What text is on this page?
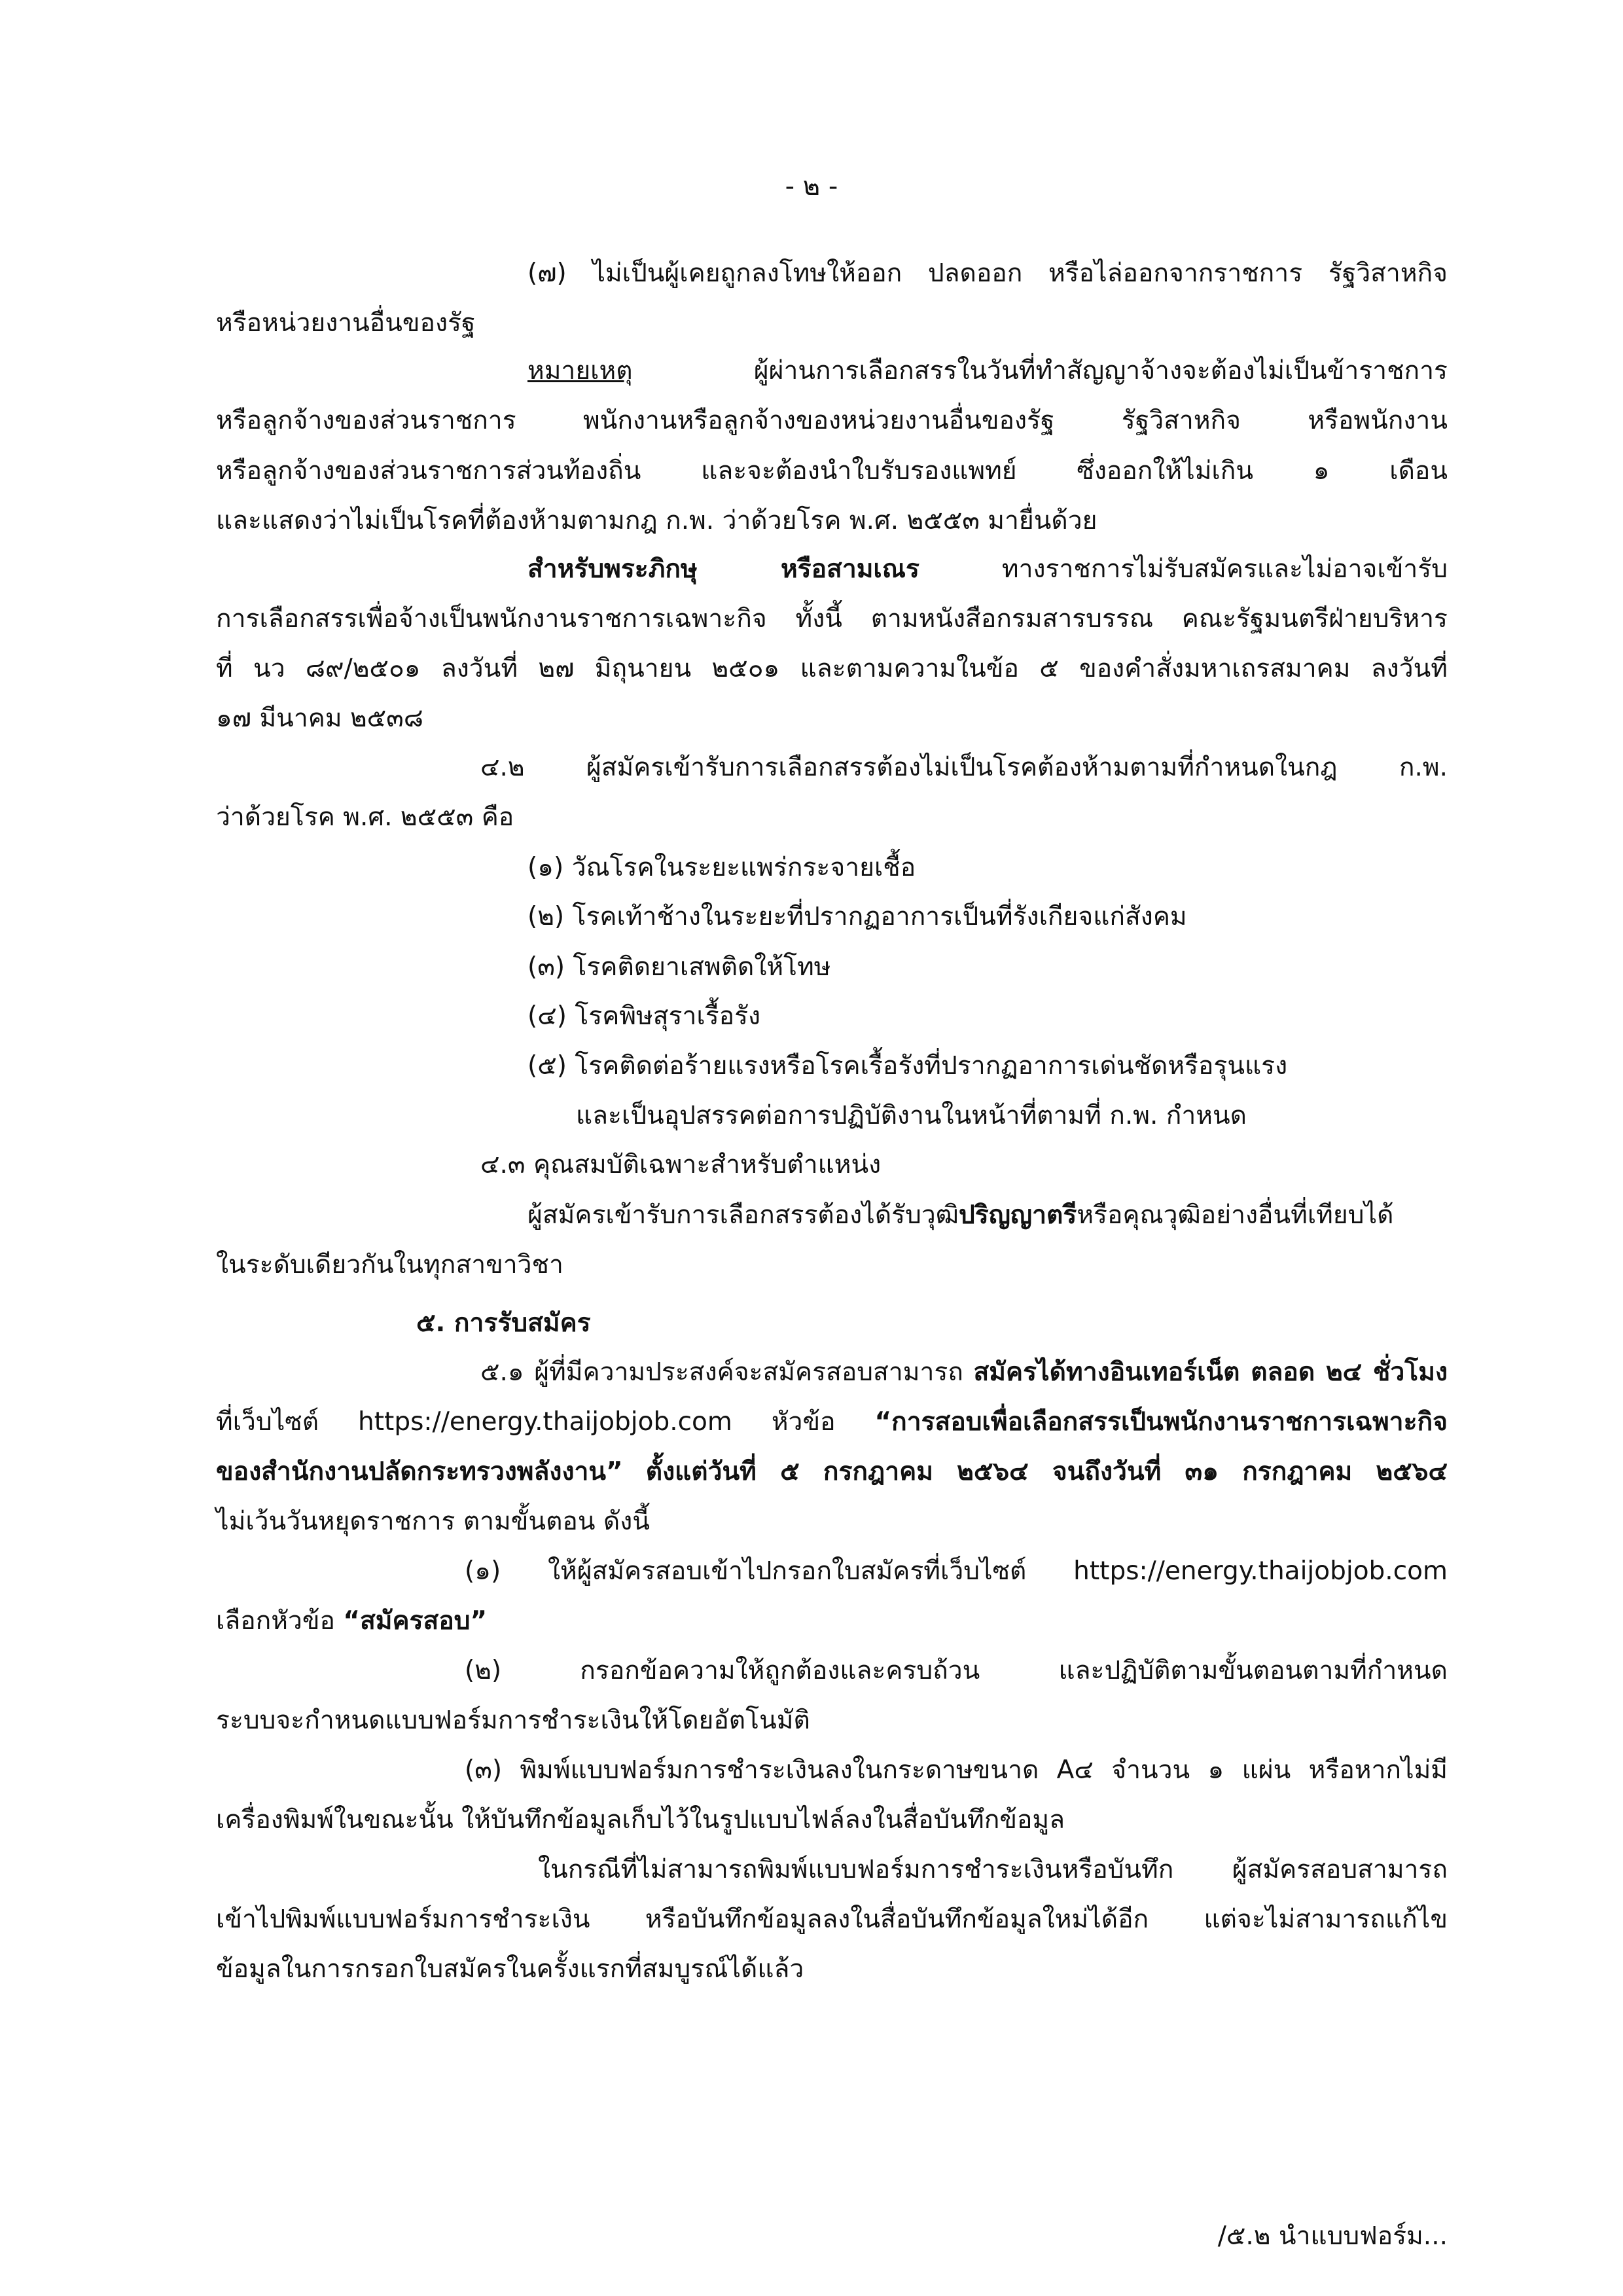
- ๒ -
(๗) ไม่เป็นผู้เคยถูกลงโทษให้ออก ปลดออก หรือไล่ออกจากราชการ รัฐวิสาหกิจ
หรือหน่วยงานอื่นของรัฐ
หมายเหตุ	ผู้ผ่านการเลือกสรรในวันที่ทำสัญญาจ้างจะต้องไม่เป็นข้าราชการ
หรือลูกจ้างของส่วนราชการ พนักงานหรือลูกจ้างของหน่วยงานอื่นของรัฐ รัฐวิสาหกิจ หรือพนักงาน
หรือลูกจ้างของส่วนราชการส่วนท้องถิ่น และจะต้องนำใบรับรองแพทย์ ซึ่งออกให้ไม่เกิน ๑ เดือน
และแสดงว่าไม่เป็นโรคที่ต้องห้ามตามกฎ ก.พ. ว่าด้วยโรค พ.ศ. ๒๕๕๓ มายื่นด้วย
สำหรับพระภิกษุ หรือสามเณร	ทางราชการไม่รับสมัครและไม่อาจเข้ารับ
การเลือกสรรเพื่อจ้างเป็นพนักงานราชการเฉพาะกิจ ทั้งนี้ ตามหนังสือกรมสารบรรณ คณะรัฐมนตรีฝ่ายบริหาร
ที่ นว ๘๙/๒๕๐๑ ลงวันที่ ๒๗ มิถุนายน ๒๕๐๑ และตามความในข้อ ๕ ของคำสั่งมหาเถรสมาคม ลงวันที่
๑๗ มีนาคม ๒๕๓๘
๔.๒ ผู้สมัครเข้ารับการเลือกสรรต้องไม่เป็นโรคต้องห้ามตามที่กำหนดในกฎ ก.พ.
ว่าด้วยโรค พ.ศ. ๒๕๕๓ คือ
(๑) วัณโรคในระยะแพร่กระจายเชื้อ
(๒) โรคเท้าช้างในระยะที่ปรากฏอาการเป็นที่รังเกียจแก่สังคม
(๓) โรคติดยาเสพติดให้โทษ
(๔) โรคพิษสุราเรื้อรัง
(๕) โรคติดต่อร้ายแรงหรือโรคเรื้อรังที่ปรากฏอาการเด่นชัดหรือรุนแรง
และเป็นอุปสรรคต่อการปฏิบัติงานในหน้าที่ตามที่ ก.พ. กำหนด
๔.๓ คุณสมบัติเฉพาะสำหรับตำแหน่ง
ผู้สมัครเข้ารับการเลือกสรรต้องได้รับวุฒิปริญญาตรีหรือคุณวุฒิอย่างอื่นที่เทียบได้
ในระดับเดียวกันในทุกสาขาวิชา
๕. การรับสมัคร
๕.๑ ผู้ที่มีความประสงค์จะสมัครสอบสามารถ สมัครได้ทางอินเทอร์เน็ต ตลอด ๒๔ ชั่วโมง
ที่เว็บไซต์ https://energy.thaijobjob.com หัวข้อ “การสอบเพื่อเลือกสรรเป็นพนักงานราชการเฉพาะกิจ
ของสำนักงานปลัดกระทรวงพลังงาน” ตั้งแต่วันที่ ๕ กรกฎาคม ๒๕๖๔ จนถึงวันที่ ๓๑ กรกฎาคม ๒๕๖๔
ไม่เว้นวันหยุดราชการ ตามขั้นตอน ดังนี้
(๑) ให้ผู้สมัครสอบเข้าไปกรอกใบสมัครที่เว็บไซต์ https://energy.thaijobjob.com
เลือกหัวข้อ “สมัครสอบ”
(๒) กรอกข้อความให้ถูกต้องและครบถ้วน และปฏิบัติตามขั้นตอนตามที่กำหนด
ระบบจะกำหนดแบบฟอร์มการชำระเงินให้โดยอัตโนมัติ
(๓) พิมพ์แบบฟอร์มการชำระเงินลงในกระดาษขนาด A๔ จำนวน ๑ แผ่น หรือหากไม่มี
เครื่องพิมพ์ในขณะนั้น ให้บันทึกข้อมูลเก็บไว้ในรูปแบบไฟล์ลงในสื่อบันทึกข้อมูล
ในกรณีที่ไม่สามารถพิมพ์แบบฟอร์มการชำระเงินหรือบันทึก ผู้สมัครสอบสามารถ
เข้าไปพิมพ์แบบฟอร์มการชำระเงิน หรือบันทึกข้อมูลลงในสื่อบันทึกข้อมูลใหม่ได้อีก แต่จะไม่สามารถแก้ไข
ข้อมูลในการกรอกใบสมัครในครั้งแรกที่สมบูรณ์ได้แล้ว
/๕.๒ นำแบบฟอร์ม...
